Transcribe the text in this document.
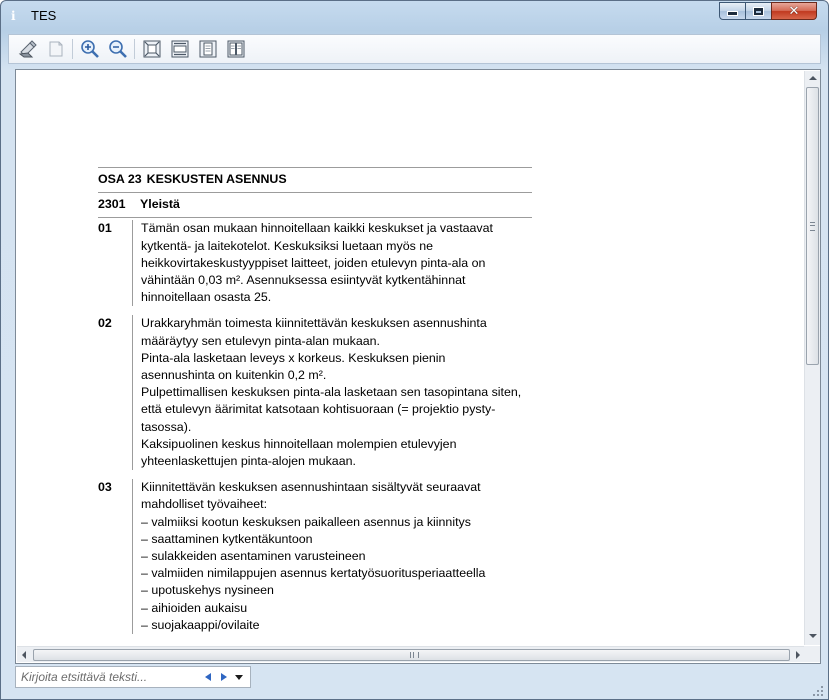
i	TES	✕
OSA 23 KESKUSTEN ASENNUS
2301	Yleistä
01	Tämän osan mukaan hinnoitellaan kaikki keskukset ja vastaavat
kytkentä- ja laitekotelot. Keskuksiksi luetaan myös ne
heikkovirtakeskustyyppiset laitteet, joiden etulevyn pinta-ala on
vähintään 0,03 m². Asennuksessa esiintyvät kytkentähinnat
hinnoitellaan osasta 25.
02	Urakkaryhmän toimesta kiinnitettävän keskuksen asennushinta
määräytyy sen etulevyn pinta-alan mukaan.
Pinta-ala lasketaan leveys x korkeus. Keskuksen pienin
asennushinta on kuitenkin 0,2 m².
Pulpettimallisen keskuksen pinta-ala lasketaan sen tasopintana siten,
että etulevyn äärimitat katsotaan kohtisuoraan (= projektio pysty-
tasossa).
Kaksipuolinen keskus hinnoitellaan molempien etulevyjen
yhteenlaskettujen pinta-alojen mukaan.
03	Kiinnitettävän keskuksen asennushintaan sisältyvät seuraavat
mahdolliset työvaiheet:
– valmiiksi kootun keskuksen paikalleen asennus ja kiinnitys
– saattaminen kytkentäkuntoon
– sulakkeiden asentaminen varusteineen
– valmiiden nimilappujen asennus kertatyösuoritusperiaatteella
– upotuskehys nysineen
– aihioiden aukaisu
– suojakaappi/ovilaite
Kirjoita etsittävä teksti...
